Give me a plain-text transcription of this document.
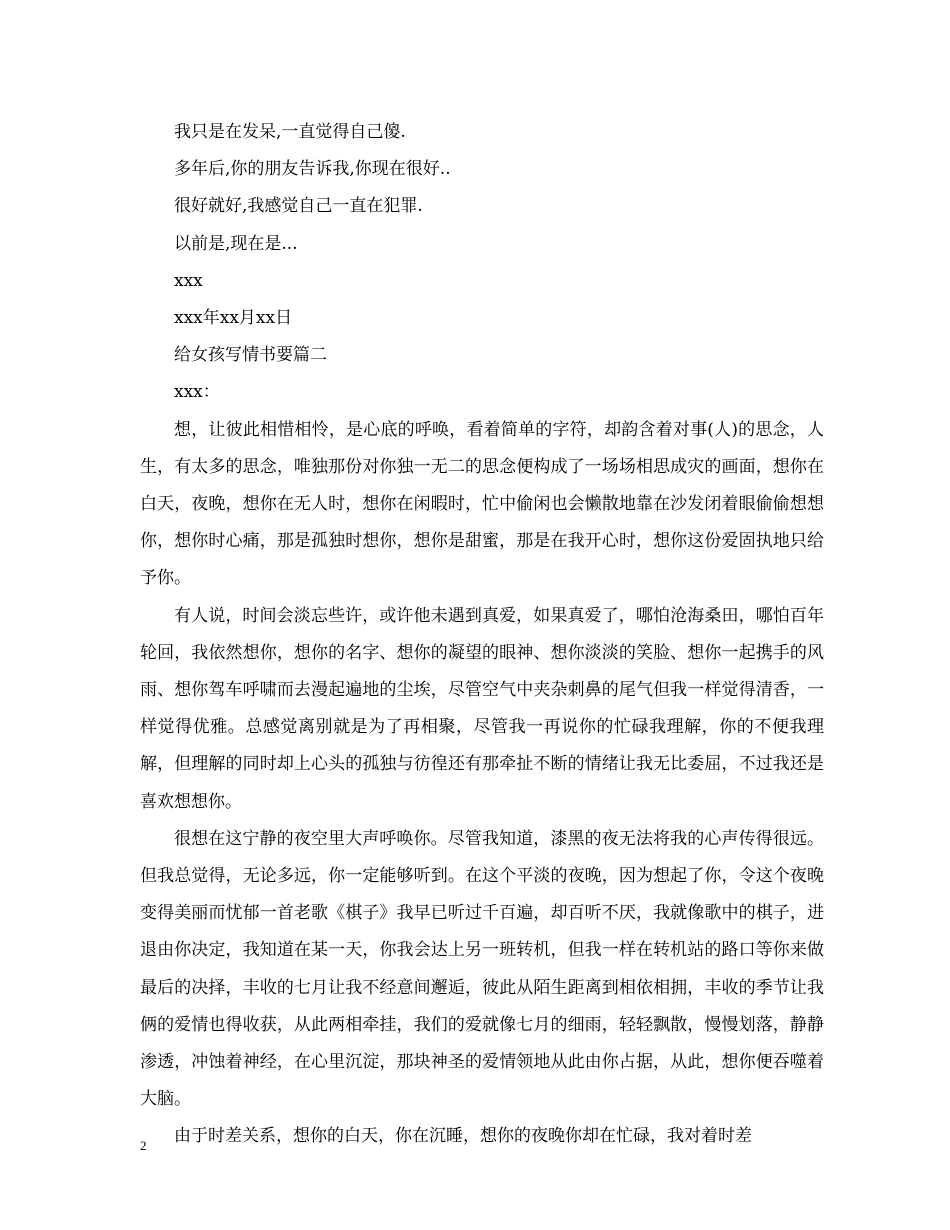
我只是在发呆,一直觉得自己傻.

多年后,你的朋友告诉我,你现在很好..

很好就好,我感觉自己一直在犯罪.

以前是,现在是...

xxx

xxx年xx月xx日

给女孩写情书要篇二

xxx：

想，让彼此相惜相怜，是心底的呼唤，看着简单的字符，却韵含着对事(人)的思念，人生，有太多的思念，唯独那份对你独一无二的思念便构成了一场场相思成灾的画面，想你在白天，夜晚，想你在无人时，想你在闲暇时，忙中偷闲也会懒散地靠在沙发闭着眼偷偷想想你，想你时心痛，那是孤独时想你，想你是甜蜜，那是在我开心时，想你这份爱固执地只给予你。

有人说，时间会淡忘些许，或许他未遇到真爱，如果真爱了，哪怕沧海桑田，哪怕百年轮回，我依然想你，想你的名字、想你的凝望的眼神、想你淡淡的笑脸、想你一起携手的风雨、想你驾车呼啸而去漫起遍地的尘埃，尽管空气中夹杂刺鼻的尾气但我一样觉得清香，一样觉得优雅。总感觉离别就是为了再相聚，尽管我一再说你的忙碌我理解，你的不便我理解，但理解的同时却上心头的孤独与彷徨还有那牵扯不断的情绪让我无比委屈，不过我还是喜欢想想你。

很想在这宁静的夜空里大声呼唤你。尽管我知道，漆黑的夜无法将我的心声传得很远。但我总觉得，无论多远，你一定能够听到。在这个平淡的夜晚，因为想起了你，令这个夜晚变得美丽而忧郁一首老歌《棋子》我早已听过千百遍，却百听不厌，我就像歌中的棋子，进退由你决定，我知道在某一天，你我会达上另一班转机，但我一样在转机站的路口等你来做最后的决择，丰收的七月让我不经意间邂逅，彼此从陌生距离到相依相拥，丰收的季节让我俩的爱情也得收获，从此两相牵挂，我们的爱就像七月的细雨，轻轻飘散，慢慢划落，静静渗透，冲蚀着神经，在心里沉淀，那块神圣的爱情领地从此由你占据，从此，想你便吞噬着大脑。

由于时差关系，想你的白天，你在沉睡，想你的夜晚你却在忙碌，我对着时差

2
